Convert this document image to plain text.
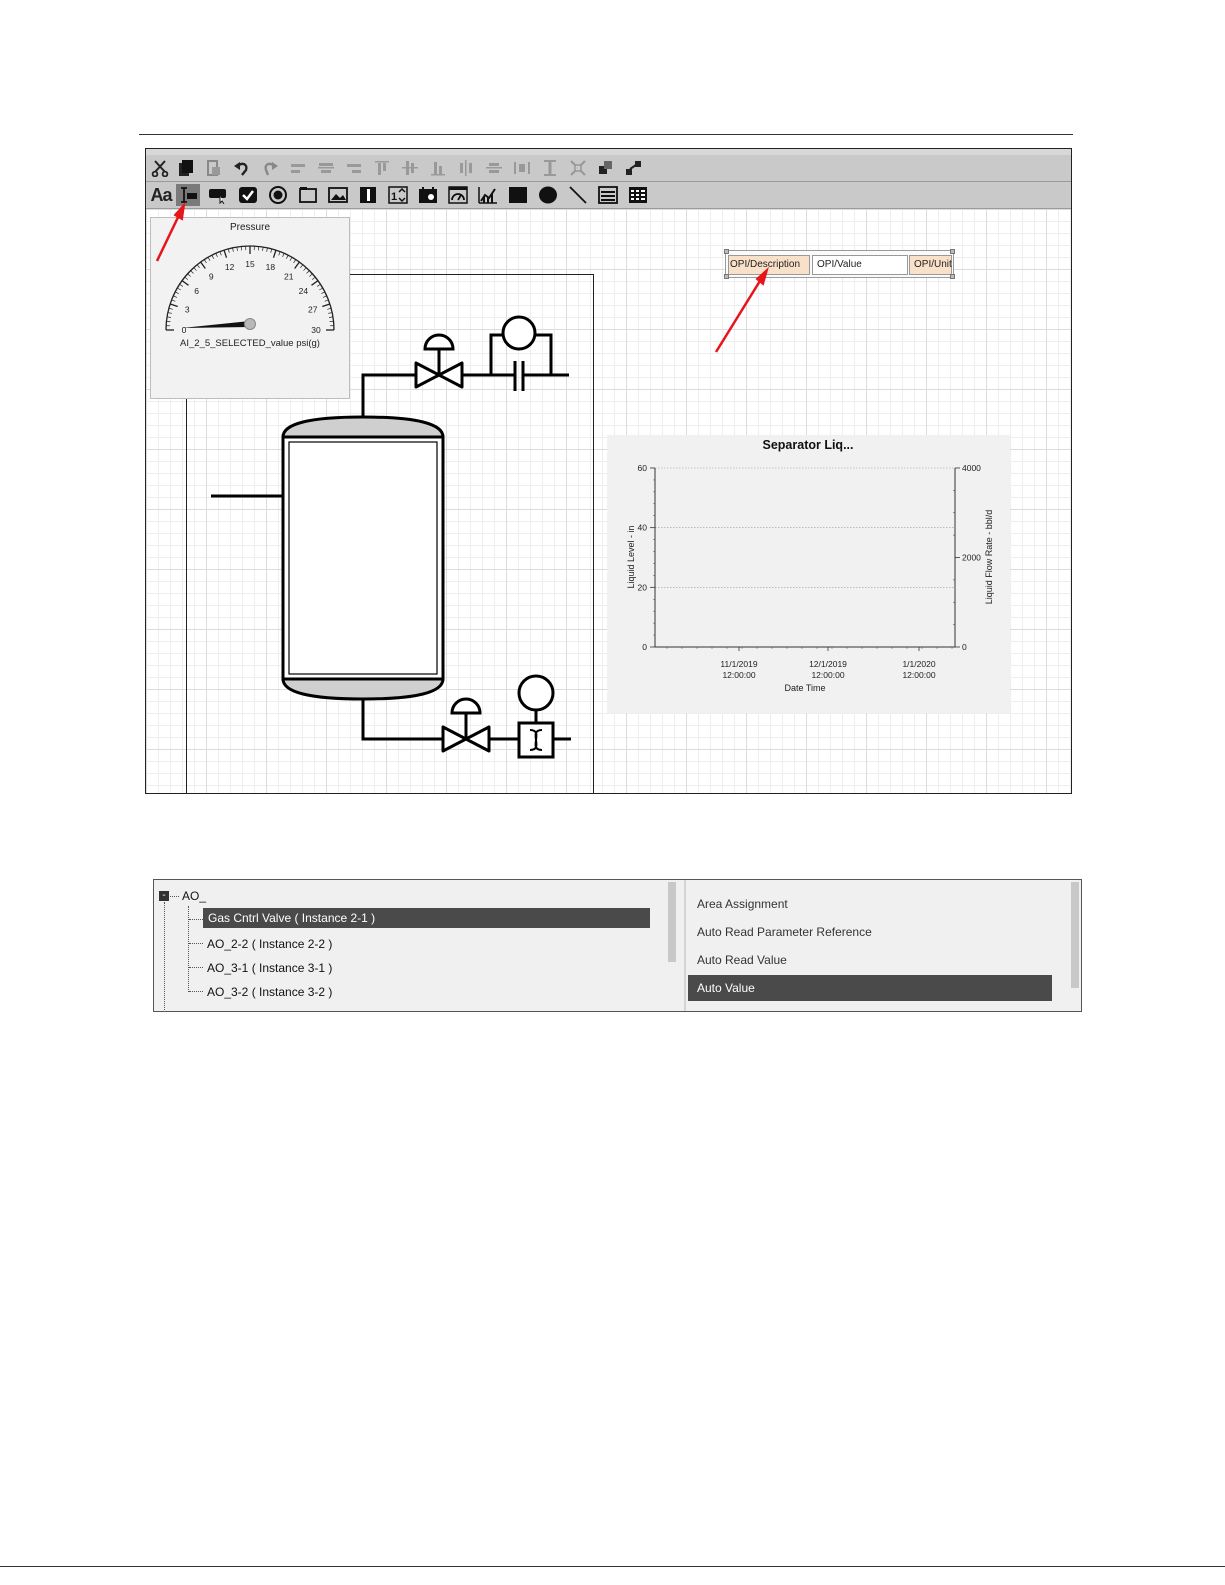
Aa	1
Pressure
0
3
6
9
12 15 18
21
24
27
30
AI_2_5_SELECTED_value psi(g)
OPI/Description	OPI/Value	OPI/Unit
Separator Liq...
0
20
40
60
0
2000
4000
11/1/2019
12:00:00
12/1/2019
12:00:00
1/1/2020
12:00:00
Date Time
Liquid Level - in	Liquid Flow Rate - bbl/d
- AO_
Gas Cntrl Valve ( Instance 2-1 )
AO_2-2 ( Instance 2-2 )
AO_3-1 ( Instance 3-1 )
AO_3-2 ( Instance 3-2 )
Area Assignment
Auto Read Parameter Reference
Auto Read Value
Auto Value
